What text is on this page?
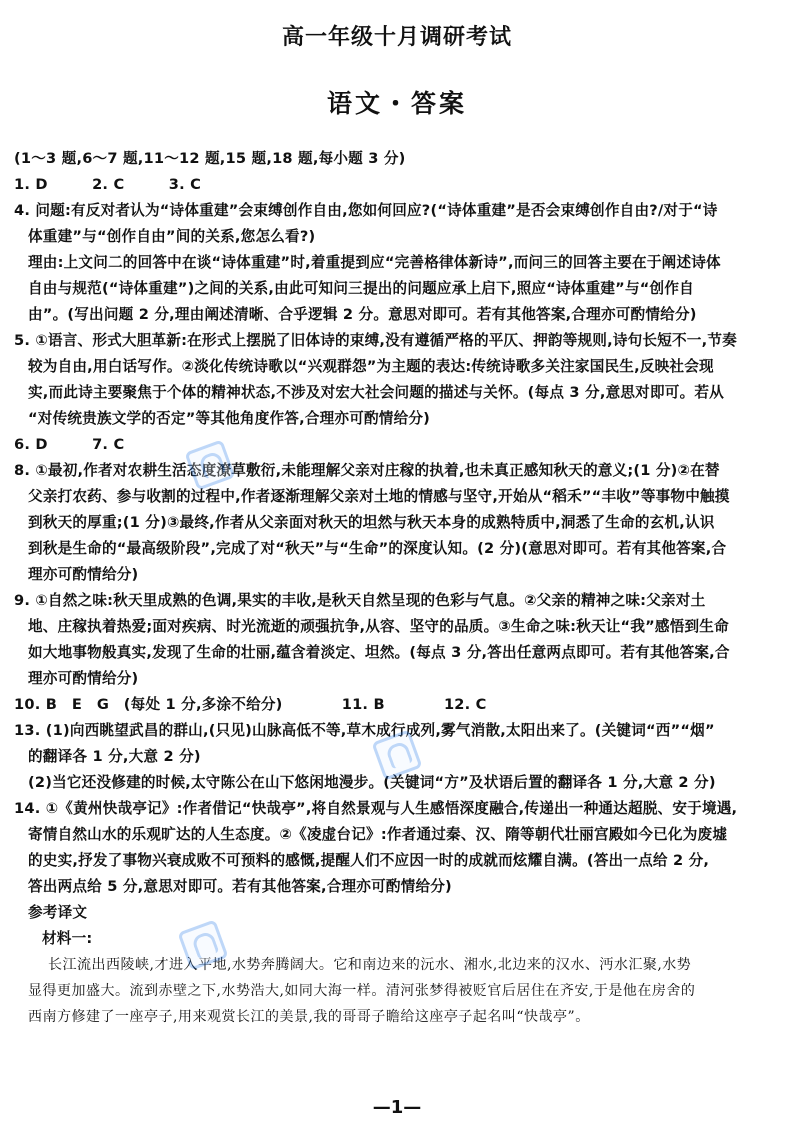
高一年级十月调研考试
语文・答案
(1～3 题,6～7 题,11～12 题,15 题,18 题,每小题 3 分)
1. D　　　2. C　　　3. C
4. 问题:有反对者认为“诗体重建”会束缚创作自由,您如何回应?(“诗体重建”是否会束缚创作自由?/对于“诗
体重建”与“创作自由”间的关系,您怎么看?)
理由:上文问二的回答中在谈“诗体重建”时,着重提到应“完善格律体新诗”,而问三的回答主要在于阐述诗体
自由与规范(“诗体重建”)之间的关系,由此可知问三提出的问题应承上启下,照应“诗体重建”与“创作自
由”。(写出问题 2 分,理由阐述清晰、合乎逻辑 2 分。意思对即可。若有其他答案,合理亦可酌情给分)
5. ①语言、形式大胆革新:在形式上摆脱了旧体诗的束缚,没有遵循严格的平仄、押韵等规则,诗句长短不一,节奏
较为自由,用白话写作。②淡化传统诗歌以“兴观群怨”为主题的表达:传统诗歌多关注家国民生,反映社会现
实,而此诗主要聚焦于个体的精神状态,不涉及对宏大社会问题的描述与关怀。(每点 3 分,意思对即可。若从
“对传统贵族文学的否定”等其他角度作答,合理亦可酌情给分)
6. D　　　7. C
8. ①最初,作者对农耕生活态度潦草敷衍,未能理解父亲对庄稼的执着,也未真正感知秋天的意义;(1 分)②在替
父亲打农药、参与收割的过程中,作者逐渐理解父亲对土地的情感与坚守,开始从“稻禾”“丰收”等事物中触摸
到秋天的厚重;(1 分)③最终,作者从父亲面对秋天的坦然与秋天本身的成熟特质中,洞悉了生命的玄机,认识
到秋是生命的“最高级阶段”,完成了对“秋天”与“生命”的深度认知。(2 分)(意思对即可。若有其他答案,合
理亦可酌情给分)
9. ①自然之味:秋天里成熟的色调,果实的丰收,是秋天自然呈现的色彩与气息。②父亲的精神之味:父亲对土
地、庄稼执着热爱;面对疾病、时光流逝的顽强抗争,从容、坚守的品质。③生命之味:秋天让“我”感悟到生命
如大地事物般真实,发现了生命的壮丽,蕴含着淡定、坦然。(每点 3 分,答出任意两点即可。若有其他答案,合
理亦可酌情给分)
10. B　E　G　(每处 1 分,多涂不给分)　　　　11. B　　　　12. C
13. (1)向西眺望武昌的群山,(只见)山脉高低不等,草木成行成列,雾气消散,太阳出来了。(关键词“西”“烟”
的翻译各 1 分,大意 2 分)
(2)当它还没修建的时候,太守陈公在山下悠闲地漫步。(关键词“方”及状语后置的翻译各 1 分,大意 2 分)
14. ①《黄州快哉亭记》:作者借记“快哉亭”,将自然景观与人生感悟深度融合,传递出一种通达超脱、安于境遇,
寄情自然山水的乐观旷达的人生态度。②《凌虚台记》:作者通过秦、汉、隋等朝代壮丽宫殿如今已化为废墟
的史实,抒发了事物兴衰成败不可预料的感慨,提醒人们不应因一时的成就而炫耀自满。(答出一点给 2 分,
答出两点给 5 分,意思对即可。若有其他答案,合理亦可酌情给分)
参考译文
材料一:
长江流出西陵峡,才进入平地,水势奔腾阔大。它和南边来的沅水、湘水,北边来的汉水、沔水汇聚,水势
显得更加盛大。流到赤壁之下,水势浩大,如同大海一样。清河张梦得被贬官后居住在齐安,于是他在房舍的
西南方修建了一座亭子,用来观赏长江的美景,我的哥哥子瞻给这座亭子起名叫“快哉亭”。
—1—
